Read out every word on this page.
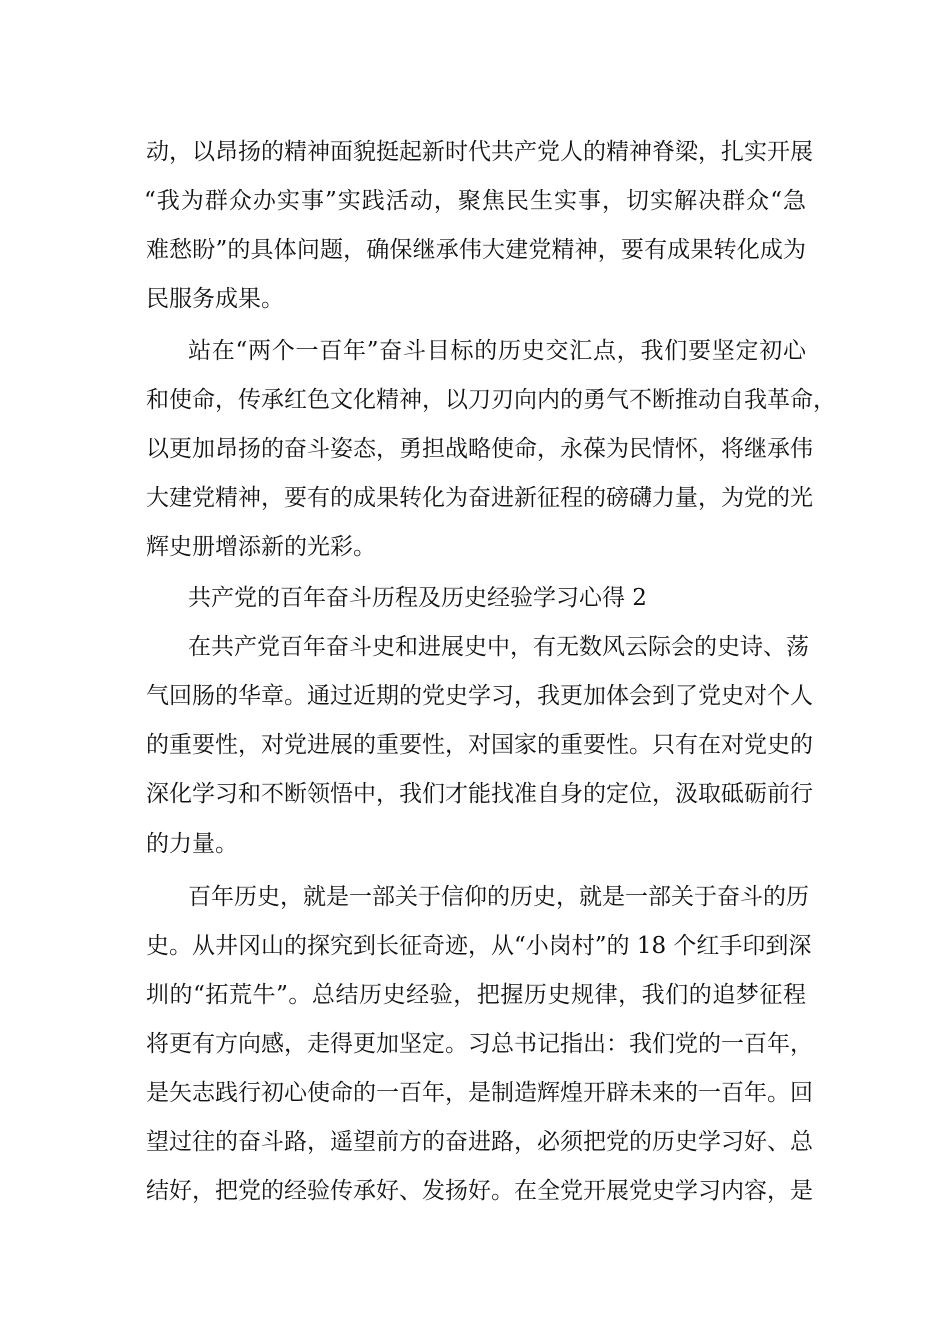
动，以昂扬的精神面貌挺起新时代共产党人的精神脊梁，扎实开展
“我为群众办实事”实践活动，聚焦民生实事，切实解决群众“急
难愁盼”的具体问题，确保继承伟大建党精神，要有成果转化成为
民服务成果。
站在“两个一百年”奋斗目标的历史交汇点，我们要坚定初心
和使命，传承红色文化精神，以刀刃向内的勇气不断推动自我革命，
以更加昂扬的奋斗姿态，勇担战略使命，永葆为民情怀，将继承伟
大建党精神，要有的成果转化为奋进新征程的磅礴力量，为党的光
辉史册增添新的光彩。
共产党的百年奋斗历程及历史经验学习心得 2
在共产党百年奋斗史和进展史中，有无数风云际会的史诗、荡
气回肠的华章。通过近期的党史学习，我更加体会到了党史对个人
的重要性，对党进展的重要性，对国家的重要性。只有在对党史的
深化学习和不断领悟中，我们才能找准自身的定位，汲取砥砺前行
的力量。
百年历史，就是一部关于信仰的历史，就是一部关于奋斗的历
史。从井冈山的探究到长征奇迹，从“小岗村”的 18 个红手印到深
圳的“拓荒牛”。总结历史经验，把握历史规律，我们的追梦征程
将更有方向感，走得更加坚定。习总书记指出：我们党的一百年，
是矢志践行初心使命的一百年，是制造辉煌开辟未来的一百年。回
望过往的奋斗路，遥望前方的奋进路，必须把党的历史学习好、总
结好，把党的经验传承好、发扬好。在全党开展党史学习内容，是
